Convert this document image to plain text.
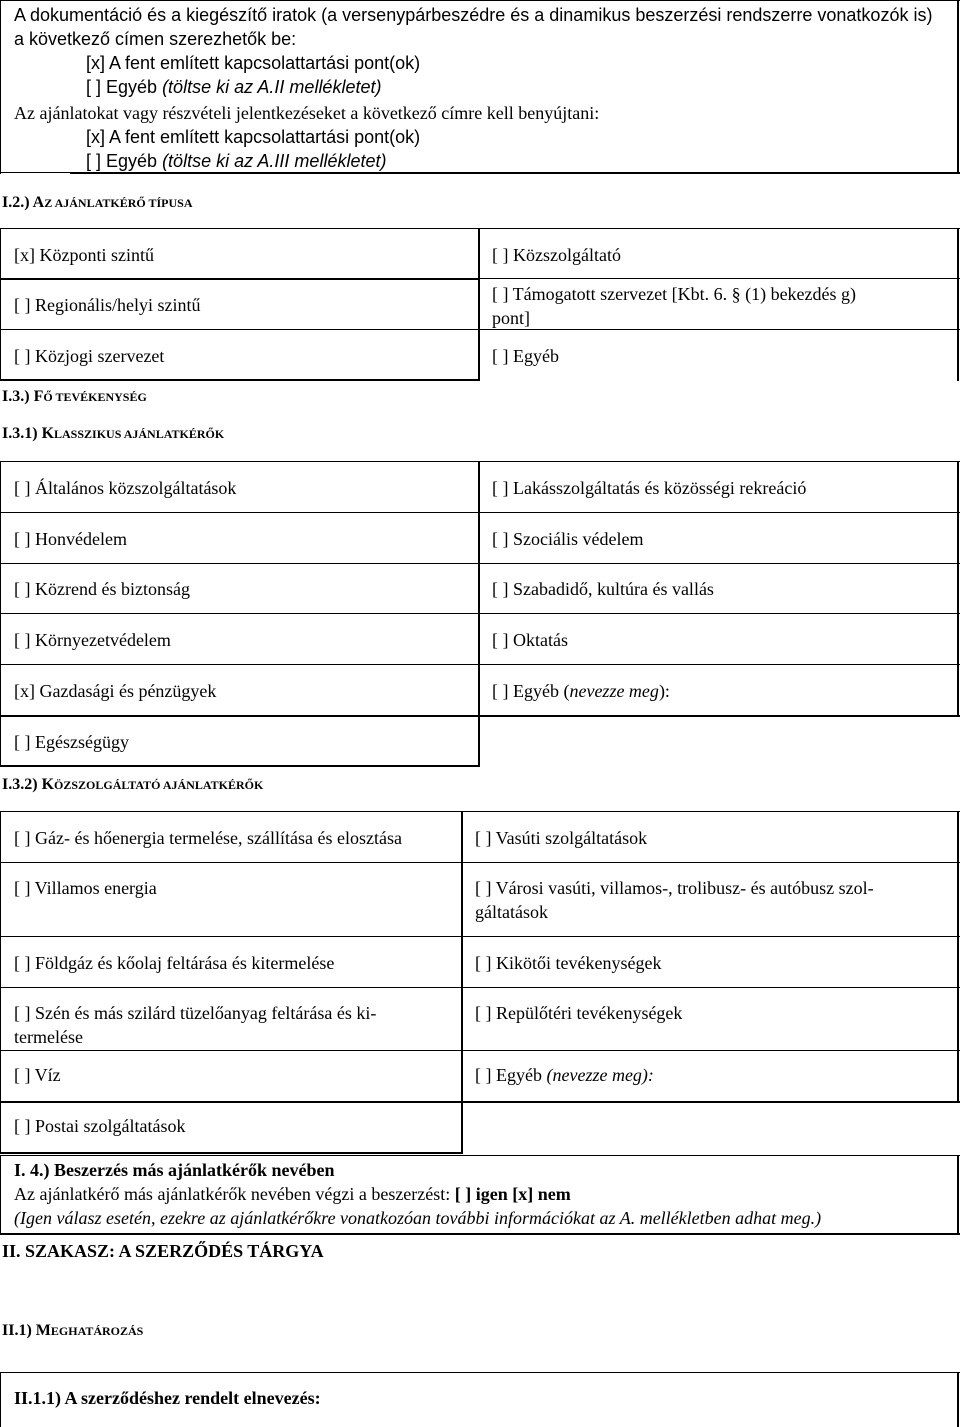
A dokumentáció és a kiegészítő iratok (a versenypárbeszédre és a dinamikus beszerzési rendszerre vonatkozók is)
a következő címen szerezhetők be:
[x] A fent említett kapcsolattartási pont(ok)
[ ] Egyéb (töltse ki az A.II mellékletet)
Az ajánlatokat vagy részvételi jelentkezéseket a következő címre kell benyújtani:
[x] A fent említett kapcsolattartási pont(ok)
[ ] Egyéb (töltse ki az A.III mellékletet)
I.2.) AZ AJÁNLATKÉRŐ TÍPUSA
[x] Központi szintű
[ ] Regionális/helyi szintű
[ ] Közjogi szervezet
[ ] Közszolgáltató
[ ] Támogatott szervezet [Kbt. 6. § (1) bekezdés g)
pont]
[ ] Egyéb
I.3.) FŐ TEVÉKENYSÉG
I.3.1) KLASSZIKUS AJÁNLATKÉRŐK
[ ] Általános közszolgáltatások
[ ] Honvédelem
[ ] Közrend és biztonság
[ ] Környezetvédelem
[x] Gazdasági és pénzügyek
[ ] Egészségügy
[ ] Lakásszolgáltatás és közösségi rekreáció
[ ] Szociális védelem
[ ] Szabadidő, kultúra és vallás
[ ] Oktatás
[ ] Egyéb (nevezze meg):
I.3.2) KÖZSZOLGÁLTATÓ AJÁNLATKÉRŐK
[ ] Gáz- és hőenergia termelése, szállítása és elosztása
[ ] Villamos energia
[ ] Földgáz és kőolaj feltárása és kitermelése
[ ] Szén és más szilárd tüzelőanyag feltárása és ki-
termelése
[ ] Víz
[ ] Postai szolgáltatások
[ ] Vasúti szolgáltatások
[ ] Városi vasúti, villamos-, trolibusz- és autóbusz szol-
gáltatások
[ ] Kikötői tevékenységek
[ ] Repülőtéri tevékenységek
[ ] Egyéb (nevezze meg):
I. 4.) Beszerzés más ajánlatkérők nevében
Az ajánlatkérő más ajánlatkérők nevében végzi a beszerzést: [ ] igen [x] nem
(Igen válasz esetén, ezekre az ajánlatkérőkre vonatkozóan további információkat az A. mellékletben adhat meg.)
II. SZAKASZ: A SZERZŐDÉS TÁRGYA
II.1) MEGHATÁROZÁS
II.1.1) A szerződéshez rendelt elnevezés:
